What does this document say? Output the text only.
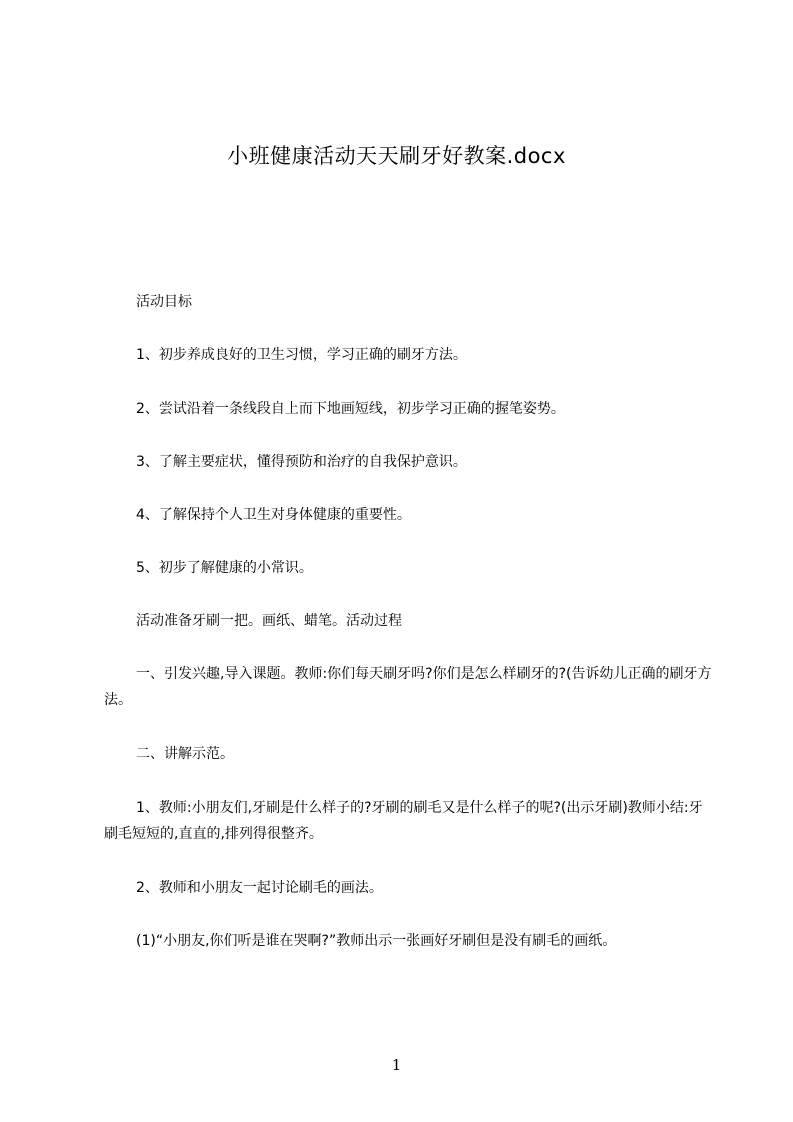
小班健康活动天天刷牙好教案.docx
活动目标
1、初步养成良好的卫生习惯，学习正确的刷牙方法。
2、尝试沿着一条线段自上而下地画短线，初步学习正确的握笔姿势。
3、了解主要症状，懂得预防和治疗的自我保护意识。
4、了解保持个人卫生对身体健康的重要性。
5、初步了解健康的小常识。
活动准备牙刷一把。画纸、蜡笔。活动过程
一、引发兴趣,导入课题。教师:你们每天刷牙吗?你们是怎么样刷牙的?(告诉幼儿正确的刷牙方法。
二、讲解示范。
1、教师:小朋友们,牙刷是什么样子的?牙刷的刷毛又是什么样子的呢?(出示牙刷)教师小结:牙刷毛短短的,直直的,排列得很整齐。
2、教师和小朋友一起讨论刷毛的画法。
(1)“小朋友,你们听是谁在哭啊?”教师出示一张画好牙刷但是没有刷毛的画纸。
1
